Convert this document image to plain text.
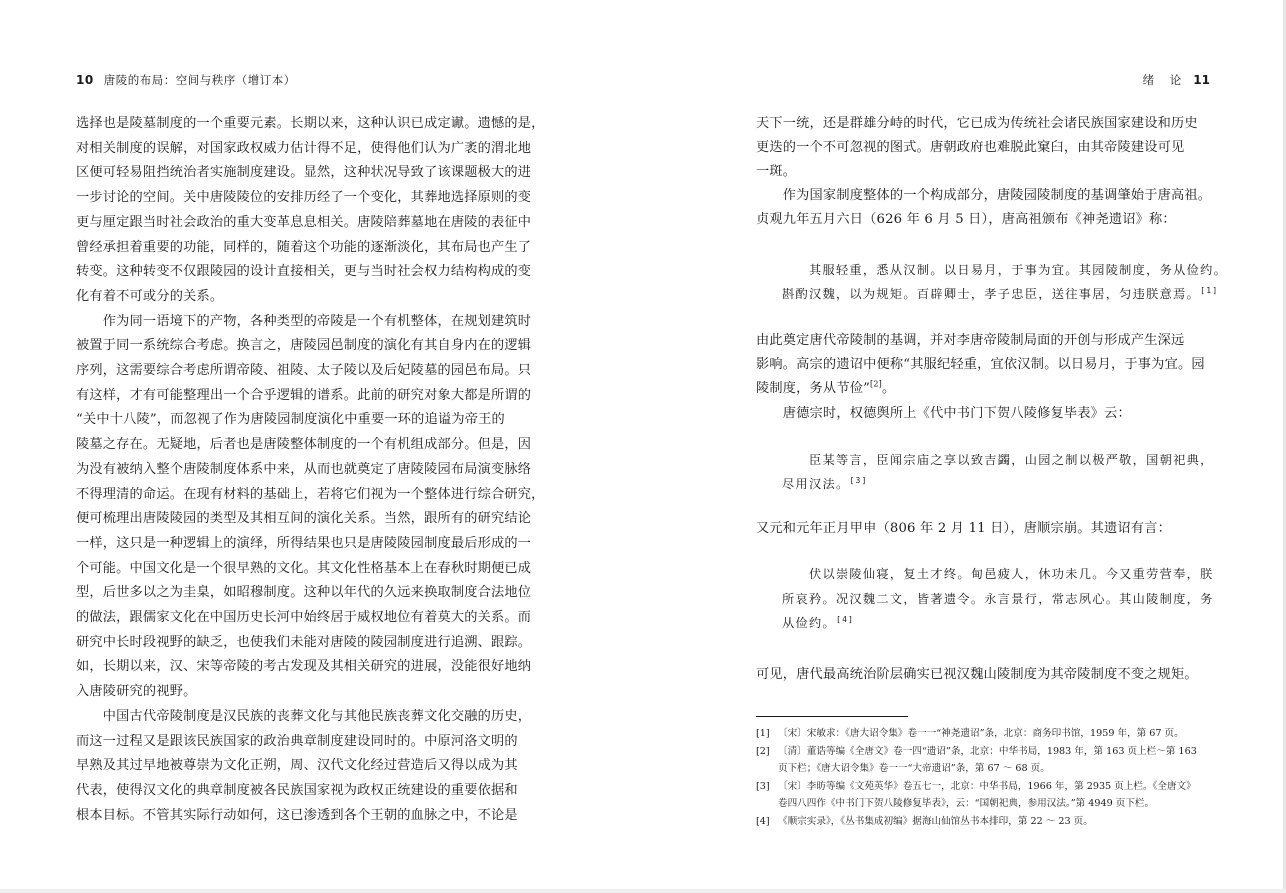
10 唐陵的布局：空间与秩序（增订本）	绪 论 11
选择也是陵墓制度的一个重要元素。长期以来，这种认识已成定谳。遗憾的是，
对相关制度的误解，对国家政权威力估计得不足，使得他们认为广袤的渭北地
区便可轻易阻挡统治者实施制度建设。显然，这种状况导致了该课题极大的进
一步讨论的空间。关中唐陵陵位的安排历经了一个变化，其葬地选择原则的变
更与厘定跟当时社会政治的重大变革息息相关。唐陵陪葬墓地在唐陵的表征中
曾经承担着重要的功能，同样的，随着这个功能的逐渐淡化，其布局也产生了
转变。这种转变不仅跟陵园的设计直接相关，更与当时社会权力结构构成的变
化有着不可或分的关系。
　　作为同一语境下的产物，各种类型的帝陵是一个有机整体，在规划建筑时
被置于同一系统综合考虑。换言之，唐陵园邑制度的演化有其自身内在的逻辑
序列，这需要综合考虑所谓帝陵、祖陵、太子陵以及后妃陵墓的园邑布局。只
有这样，才有可能整理出一个合乎逻辑的谱系。此前的研究对象大都是所谓的
“关中十八陵”，而忽视了作为唐陵园制度演化中重要一环的追谥为帝王的
陵墓之存在。无疑地，后者也是唐陵整体制度的一个有机组成部分。但是，因
为没有被纳入整个唐陵制度体系中来，从而也就奠定了唐陵陵园布局演变脉络
不得理清的命运。在现有材料的基础上，若将它们视为一个整体进行综合研究，
便可梳理出唐陵陵园的类型及其相互间的演化关系。当然，跟所有的研究结论
一样，这只是一种逻辑上的演绎，所得结果也只是唐陵陵园制度最后形成的一
个可能。中国文化是一个很早熟的文化。其文化性格基本上在春秋时期便已成
型，后世多以之为圭臬，如昭穆制度。这种以年代的久远来换取制度合法地位
的做法，跟儒家文化在中国历史长河中始终居于威权地位有着莫大的关系。而
研究中长时段视野的缺乏，也使我们未能对唐陵的陵园制度进行追溯、跟踪。
如，长期以来，汉、宋等帝陵的考古发现及其相关研究的进展，没能很好地纳
入唐陵研究的视野。
　　中国古代帝陵制度是汉民族的丧葬文化与其他民族丧葬文化交融的历史，
而这一过程又是跟该民族国家的政治典章制度建设同时的。中原河洛文明的
早熟及其过早地被尊崇为文化正朔，周、汉代文化经过营造后又得以成为其
代表，使得汉文化的典章制度被各民族国家视为政权正统建设的重要依据和
根本目标。不管其实际行动如何，这已渗透到各个王朝的血脉之中，不论是
天下一统，还是群雄分峙的时代，它已成为传统社会诸民族国家建设和历史
更迭的一个不可忽视的图式。唐朝政府也难脱此窠臼，由其帝陵建设可见
一斑。
　　作为国家制度整体的一个构成部分，唐陵园陵制度的基调肇始于唐高祖。
贞观九年五月六日（626 年 6 月 5 日），唐高祖颁布《神尧遗诏》称：
　　其服轻重，悉从汉制。以日易月，于事为宜。其园陵制度，务从俭约。
斟酌汉魏，以为规矩。百辟卿士，孝子忠臣，送往事居，匀违朕意焉。[1]
由此奠定唐代帝陵制的基调，并对李唐帝陵制局面的开创与形成产生深远
影响。高宗的遗诏中便称“其服纪轻重，宜依汉制。以日易月，于事为宜。园
陵制度，务从节俭”[2]。
　　唐德宗时，权德舆所上《代中书门下贺八陵修复毕表》云：
　　臣某等言，臣闻宗庙之享以致吉蠲，山园之制以极严敬，国朝祀典，
尽用汉法。[3]
又元和元年正月甲申（806 年 2 月 11 日），唐顺宗崩。其遗诏有言：
　　伏以崇陵仙寝，复土才终。甸邑疲人，休功未几。今又重劳营奉，朕
所哀矜。况汉魏二文，皆著遗令。永言景行，常志夙心。其山陵制度，务
从俭约。[4]
可见，唐代最高统治阶层确实已视汉魏山陵制度为其帝陵制度不变之规矩。
[1] 〔宋〕宋敏求：《唐大诏令集》卷一一“神尧遗诏”条，北京：商务印书馆，1959 年，第 67 页。
[2] 〔清〕董诰等编《全唐文》卷一四“遗诏”条，北京：中华书局，1983 年，第 163 页上栏～第 163
页下栏；《唐大诏令集》卷一一“大帝遗诏”条，第 67 ～ 68 页。
[3] 〔宋〕李昉等编《文苑英华》卷五七一，北京：中华书局，1966 年，第 2935 页上栏。《全唐文》
卷四八四作《中书门下贺八陵修复毕表》，云：“国朝祀典，参用汉法。”第 4949 页下栏。
[4] 《顺宗实录》，《丛书集成初编》据海山仙馆丛书本排印，第 22 ～ 23 页。
